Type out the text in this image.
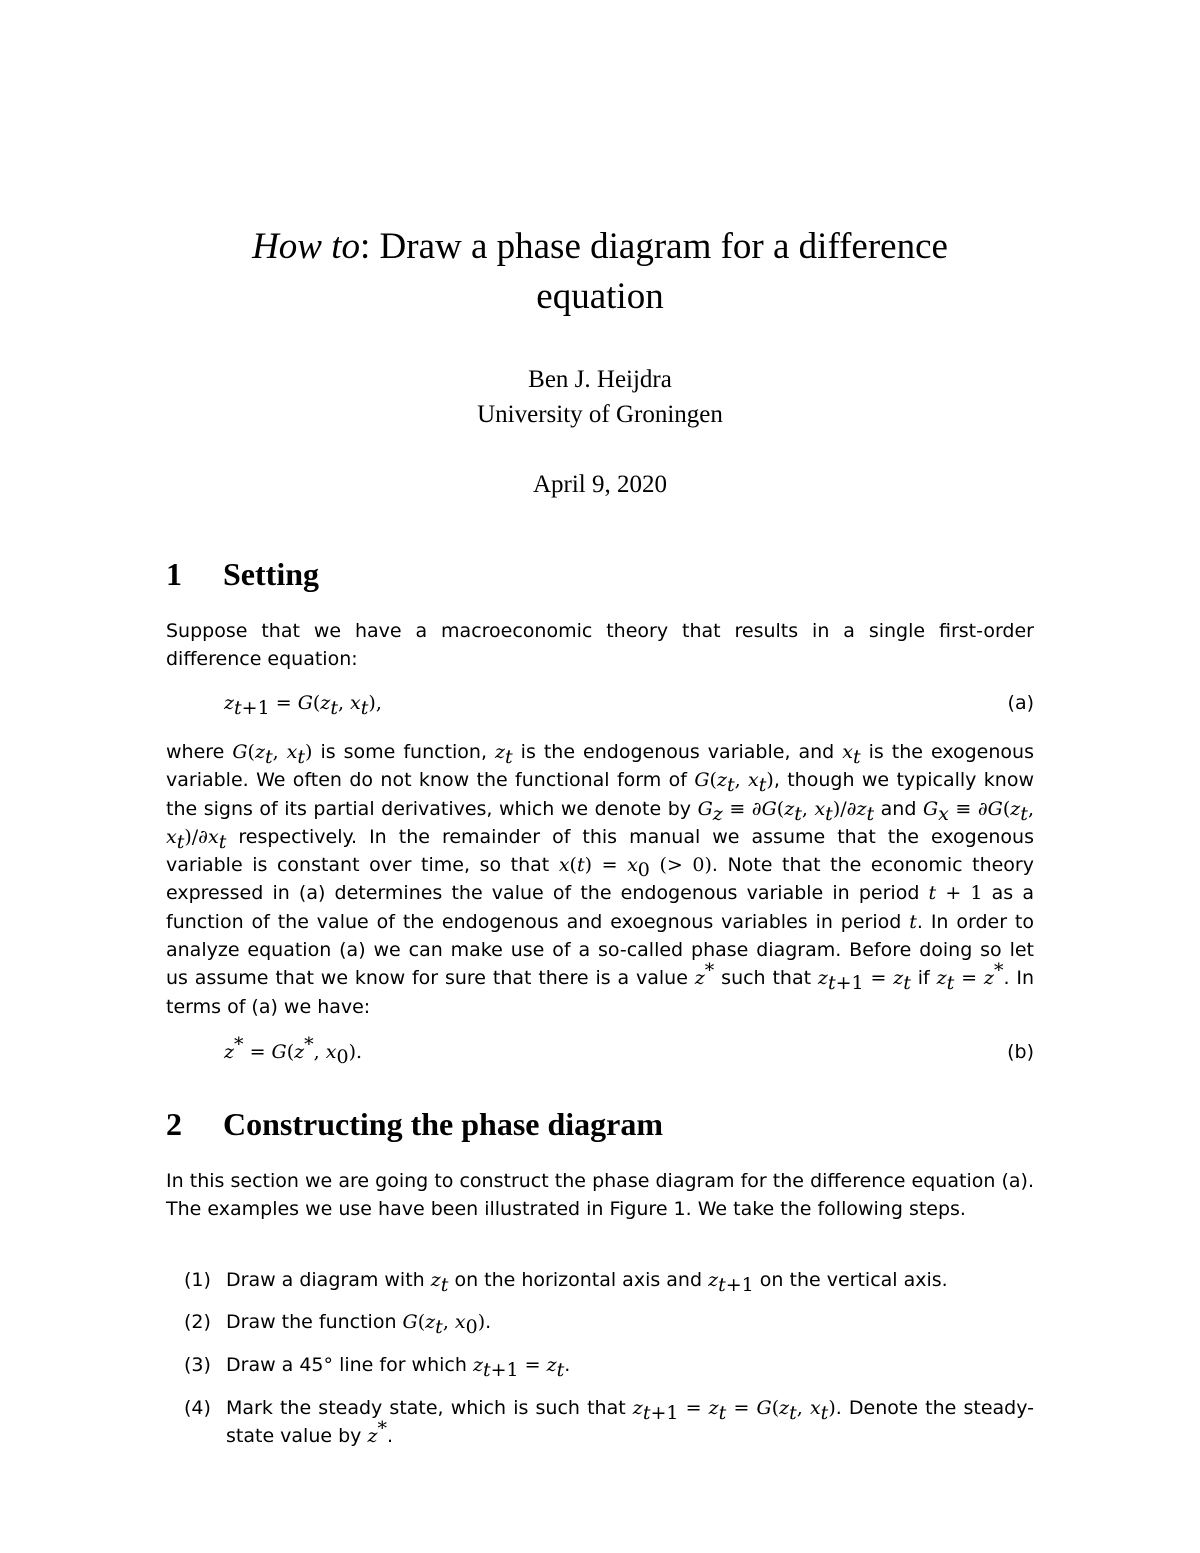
How to: Draw a phase diagram for a difference
equation
Ben J. Heijdra
University of Groningen
April 9, 2020
1 Setting

Suppose that we have a macroeconomic theory that results in a single first-order difference equation:

$z_{t+1} = G(z_t$, $x_t$),	(a)

where $G(z_t$, $x_t$) is some function, $z_t$ is the endogenous variable, and $x_t$ is the exogenous variable. We often do not know the functional form of $G(z_t$, $x_t$), though we typically know the signs of its partial derivatives, which we denote by $G_z \equiv \partial G(z_t$, $x_t)/\partial z_t$ and $G_x \equiv \partial G(z_t$, $x_t)/\partial x_t$ respectively. In the remainder of this manual we assume that the exogenous variable is constant over time, so that $x(t) = x_0$ (> 0). Note that the economic theory expressed in (a) determines the value of the endogenous variable in period t + 1 as a function of the value of the endogenous and exoegnous variables in period t. In order to analyze equation (a) we can make use of a so-called phase diagram. Before doing so let us assume that we know for sure that there is a value z* such that $z_{t+1} = z_t$ if $z_t = z^*$. In terms of (a) we have:

z* = G(z*, $x_0$).	(b)
2 Constructing the phase diagram

In this section we are going to construct the phase diagram for the difference equation (a). The examples we use have been illustrated in Figure 1. We take the following steps.

(1) Draw a diagram with $z_t$ on the horizontal axis and $z_{t+1}$ on the vertical axis.
(2) Draw the function $G(z_t$, $x_0$).
(3) Draw a 45° line for which $z_{t+1} = z_t$.
(4) Mark the steady state, which is such that $z_{t+1} = z_t = G(z_t$, $x_t$). Denote the steady-state value by z*.
